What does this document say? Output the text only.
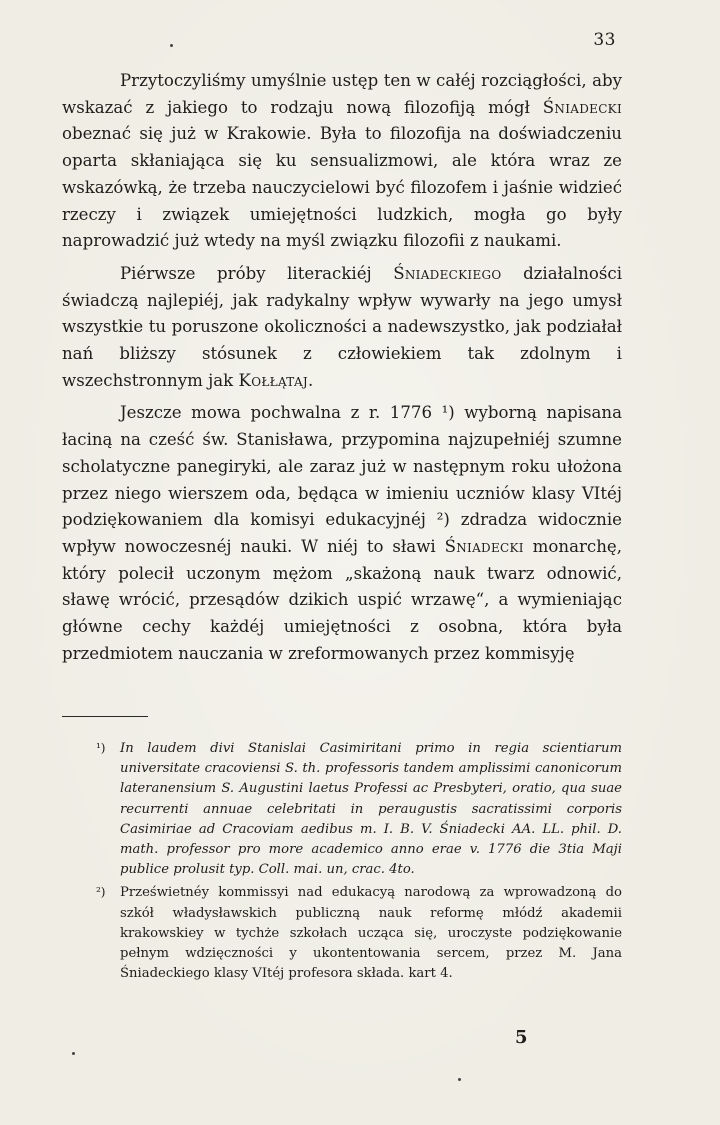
33

Przytoczyliśmy umyślnie ustęp ten w całéj rozciągłości, aby wskazać z jakiego to rodzaju nową filozofiją mógł Śniadecki obeznać się już w Krakowie. Była to filozofija na doświadczeniu oparta skłaniająca się ku sensualizmowi, ale która wraz ze wskazówką, że trzeba nauczycielowi być filozofem i jaśnie widzieć rzeczy i związek umiejętności ludzkich, mogła go były naprowadzić już wtedy na myśl związku filozofii z naukami.

Piérwsze próby literackiéj Śniadeckiego działalności świadczą najlepiéj, jak radykalny wpływ wywarły na jego umysł wszystkie tu poruszone okoliczności a nadewszystko, jak podziałał nań bliższy stósunek z człowiekiem tak zdolnym i wszechstronnym jak Kołłątaj.

Jeszcze mowa pochwalna z r. 1776 ¹) wyborną napisana łaciną na cześć św. Stanisława, przypomina najzupełniéj szumne scholatyczne panegiryki, ale zaraz już w następnym roku ułożona przez niego wierszem oda, będąca w imieniu uczniów klasy VItéj podziękowaniem dla komisyi edukacyjnéj ²) zdradza widocznie wpływ nowoczesnéj nauki. W niéj to sławi Śniadecki monarchę, który polecił uczonym mężom „skażoną nauk twarz odnowić, sławę wrócić, przesądów dzikich uspić wrzawę“, a wymieniając główne cechy każdéj umiejętności z osobna, która była przedmiotem nauczania w zreformowanych przez kommisyję

¹) In laudem divi Stanislai Casimiritani primo in regia scientiarum universitate cracoviensi S. th. professoris tandem amplissimi canonicorum lateranensium S. Augustini laetus Professi ac Presbyteri, oratio, qua suae recurrenti annuae celebritati in peraugustis sacratissimi corporis Casimiriae ad Cracoviam aedibus m. I. B. V. Śniadecki AA. LL. phil. D. math. professor pro more academico anno erae v. 1776 die 3tia Maji publice prolusit typ. Coll. mai. un, crac. 4to.

²) Prześwietnéy kommissyi nad edukacyą narodową za wprowadzoną do szkół władysławskich publiczną nauk reformę młódź akademii krakowskiey w tychże szkołach ucząca się, uroczyste podziękowanie pełnym wdzięczności y ukontentowania sercem, przez M. Jana Śniadeckiego klasy VItéj profesora składa. kart 4.

5
